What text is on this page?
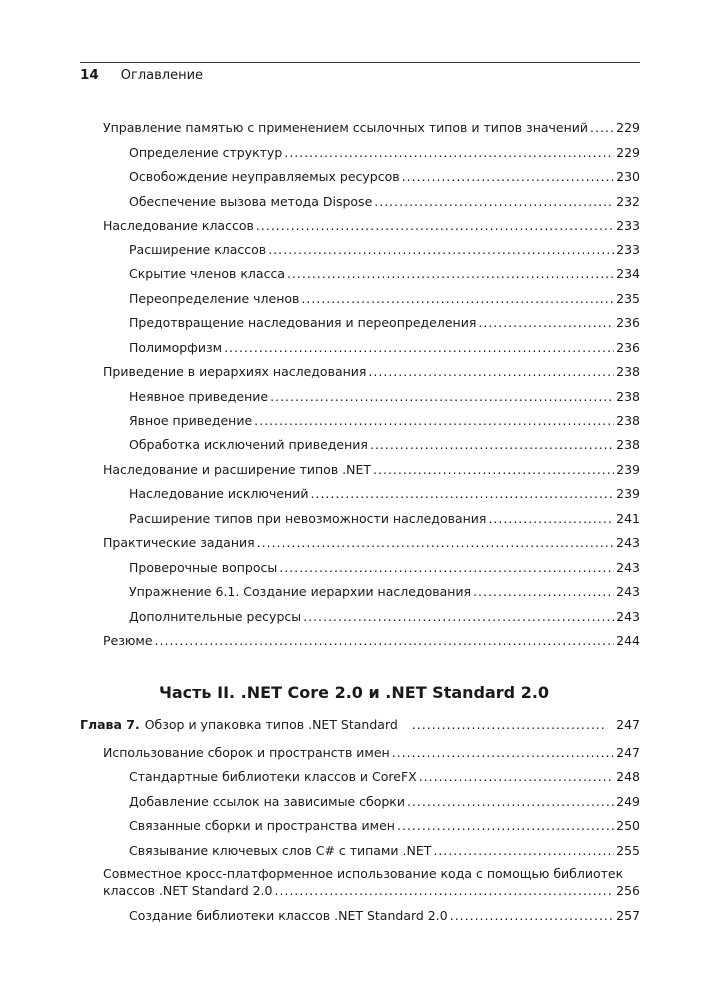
14 Оглавление
Управление памятью с применением ссылочных типов и типов значений ..... 229
Определение структур .....	229
Освобождение неуправляемых ресурсов .....	230
Обеспечение вызова метода Dispose .....	232
Наследование классов .....	233
Расширение классов .....	233
Скрытие членов класса .....	234
Переопределение членов .....	235
Предотвращение наследования и переопределения .....	236
Полиморфизм .....	236
Приведение в иерархиях наследования .....	238
Неявное приведение .....	238
Явное приведение .....	238
Обработка исключений приведения .....	238
Наследование и расширение типов .NET .....	239
Наследование исключений .....	239
Расширение типов при невозможности наследования .....	241
Практические задания .....	243
Проверочные вопросы .....	243
Упражнение 6.1. Создание иерархии наследования .....	243
Дополнительные ресурсы .....	243
Резюме .....	244
Часть II. .NET Core 2.0 и .NET Standard 2.0
Глава 7. Обзор и упаковка типов .NET Standard .....	247
Использование сборок и пространств имен .....	247
Стандартные библиотеки классов и CoreFX .....	248
Добавление ссылок на зависимые сборки .....	249
Связанные сборки и пространства имен .....	250
Связывание ключевых слов C# с типами .NET .....	255
Совместное кросс-платформенное использование кода с помощью библиотек
классов .NET Standard 2.0 .....	256
Создание библиотеки классов .NET Standard 2.0 .....	257
